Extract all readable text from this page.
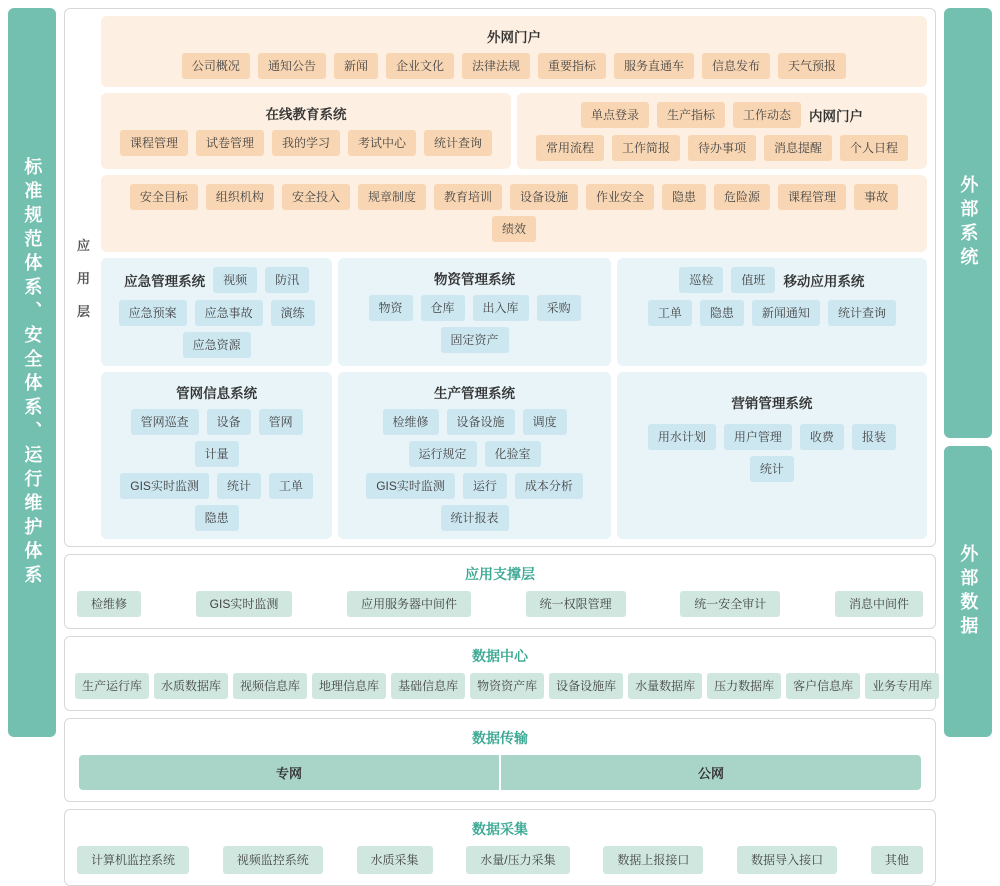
标准规范体系、安全体系、运行维护体系	应
用
层
外网门户
公司概况	通知公告	新闻	企业文化	法律法规	重要指标	服务直通车	信息发布	天气预报
在线教育系统
课程管理	试卷管理	我的学习	考试中心	统计查询
单点登录	生产指标	工作动态	内网门户
常用流程	工作简报	待办事项	消息提醒	个人日程
安全目标	组织机构	安全投入	规章制度	教育培训	设备设施	作业安全	隐患	危险源	课程管理	事故
绩效
应急管理系统	视频	防汛
应急预案	应急事故	演练
应急资源
物资管理系统
物资	仓库	出入库	采购
固定资产
巡检	值班	移动应用系统
工单	隐患	新闻通知	统计查询
管网信息系统
管网巡查	设备	管网
计量
GIS实时监测	统计	工单
隐患
生产管理系统
检维修	设备设施	调度
运行规定	化验室
GIS实时监测	运行	成本分析
统计报表
营销管理系统
用水计划	用户管理	收费	报装
统计
应用支撑层
检维修	GIS实时监测	应用服务器中间件	统一权限管理	统一安全审计	消息中间件
数据中心
生产运行库	水质数据库	视频信息库	地理信息库	基础信息库	物资资产库	设备设施库	水量数据库	压力数据库	客户信息库	业务专用库
数据传输
专网	公网
数据采集
计算机监控系统	视频监控系统	水质采集	水量/压力采集	数据上报接口	数据导入接口	其他
外部系统
外部数据
